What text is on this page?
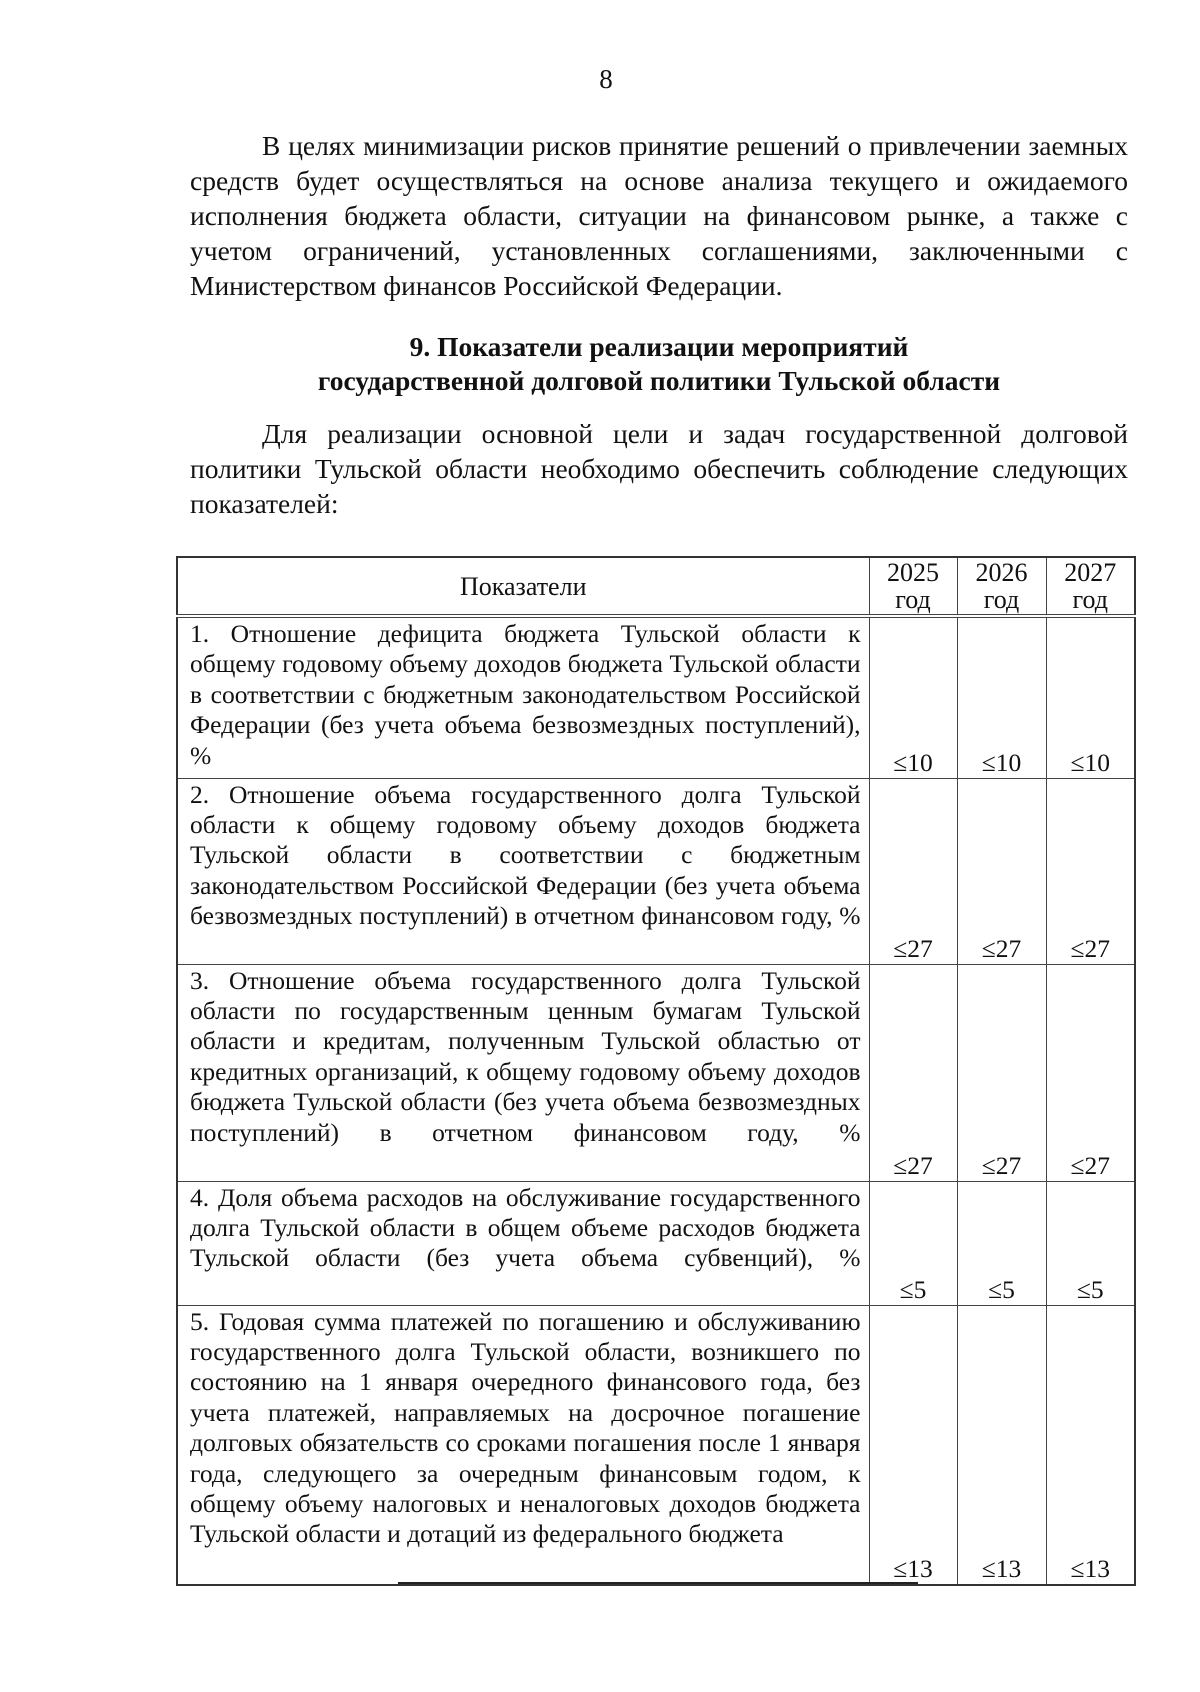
8

В целях минимизации рисков принятие решений о привлечении заемных средств будет осуществляться на основе анализа текущего и ожидаемого исполнения бюджета области, ситуации на финансовом рынке, а также с учетом ограничений, установленных соглашениями, заключенными с Министерством финансов Российской Федерации.

9. Показатели реализации мероприятий
государственной долговой политики Тульской области

Для реализации основной цели и задач государственной долговой политики Тульской области необходимо обеспечить соблюдение следующих показателей:

Показатели	2025 год	2026 год	2027 год
1. Отношение дефицита бюджета Тульской области к общему годовому объему доходов бюджета Тульской области в соответствии с бюджетным законодательством Российской Федерации (без учета объема безвозмездных поступлений), %	≤10	≤10	≤10
2. Отношение объема государственного долга Тульской области к общему годовому объему доходов бюджета Тульской области в соответствии с бюджетным законодательством Российской Федерации (без учета объема безвозмездных поступлений) в отчетном финансовом году, %	≤27	≤27	≤27
3. Отношение объема государственного долга Тульской области по государственным ценным бумагам Тульской области и кредитам, полученным Тульской областью от кредитных организаций, к общему годовому объему доходов бюджета Тульской области (без учета объема безвозмездных поступлений) в отчетном финансовом году, %	≤27	≤27	≤27
4. Доля объема расходов на обслуживание государственного долга Тульской области в общем объеме расходов бюджета Тульской области (без учета объема субвенций), %	≤5	≤5	≤5
5. Годовая сумма платежей по погашению и обслуживанию государственного долга Тульской области, возникшего по состоянию на 1 января очередного финансового года, без учета платежей, направляемых на досрочное погашение долговых обязательств со сроками погашения после 1 января года, следующего за очередным финансовым годом, к общему объему налоговых и неналоговых доходов бюджета Тульской области и дотаций из федерального бюджета	≤13	≤13	≤13
